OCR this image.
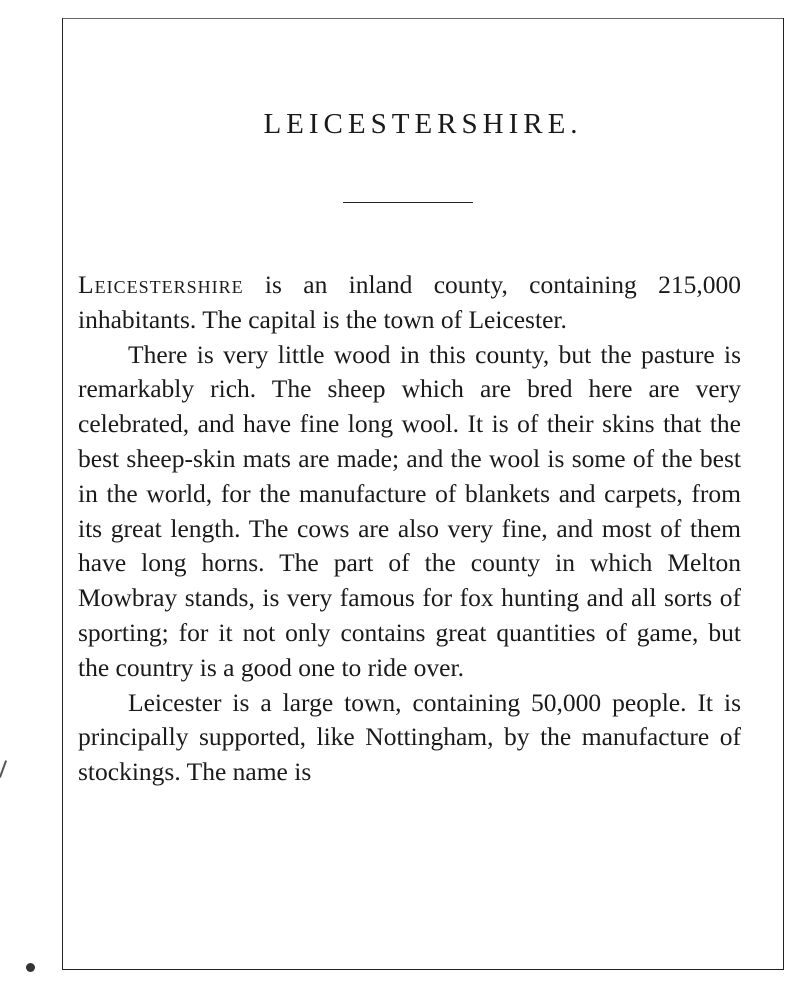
LEICESTERSHIRE.

Leicestershire is an inland county, containing 215,000 inhabitants. The capital is the town of Leicester.

There is very little wood in this county, but the pasture is remarkably rich. The sheep which are bred here are very celebrated, and have fine long wool. It is of their skins that the best sheep-skin mats are made; and the wool is some of the best in the world, for the manufacture of blankets and carpets, from its great length. The cows are also very fine, and most of them have long horns. The part of the county in which Melton Mowbray stands, is very famous for fox hunting and all sorts of sporting; for it not only contains great quantities of game, but the country is a good one to ride over.

Leicester is a large town, containing 50,000 people. It is principally supported, like Nottingham, by the manufacture of stockings. The name is
